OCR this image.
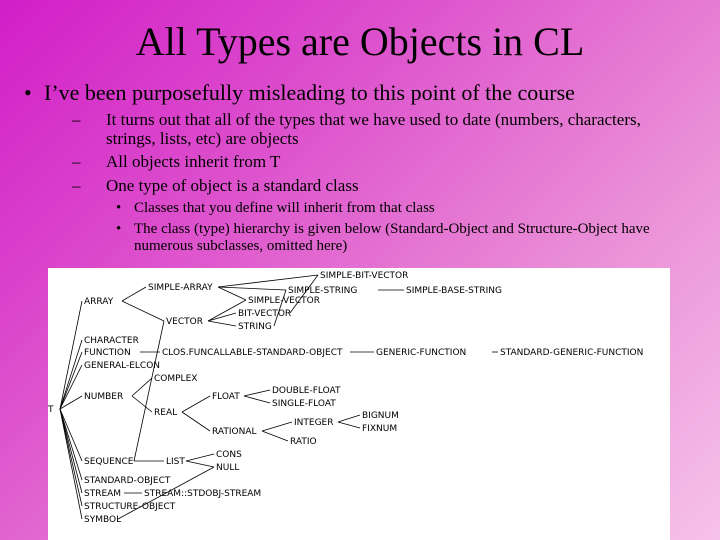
All Types are Objects in CL
• I’ve been purposefully misleading to this point of the course
– It turns out that all of the types that we have used to date (numbers, characters, strings, lists, etc) are objects
– All objects inherit from T
– One type of object is a standard class
• Classes that you define will inherit from that class
• The class (type) hierarchy is given below (Standard-Object and Structure-Object have numerous subclasses, omitted here)
T
ARRAY
SIMPLE-ARRAY
SIMPLE-BIT-VECTOR
SIMPLE-STRING	SIMPLE-BASE-STRING
SIMPLE-VECTOR
VECTOR
BIT-VECTOR
STRING
CHARACTER
FUNCTION	CLOS.FUNCALLABLE-STANDARD-OBJECT	GENERIC-FUNCTION	STANDARD-GENERIC-FUNCTION
GENERAL-ELCON
COMPLEX
NUMBER	FLOAT
DOUBLE-FLOAT
SINGLE-FLOAT
REAL
INTEGER
BIGNUM
FIXNUM
RATIONAL
RATIO
SEQUENCE	LIST
CONS
NULL
STANDARD-OBJECT
STREAM	STREAM::STDOBJ-STREAM
STRUCTURE-OBJECT
SYMBOL
